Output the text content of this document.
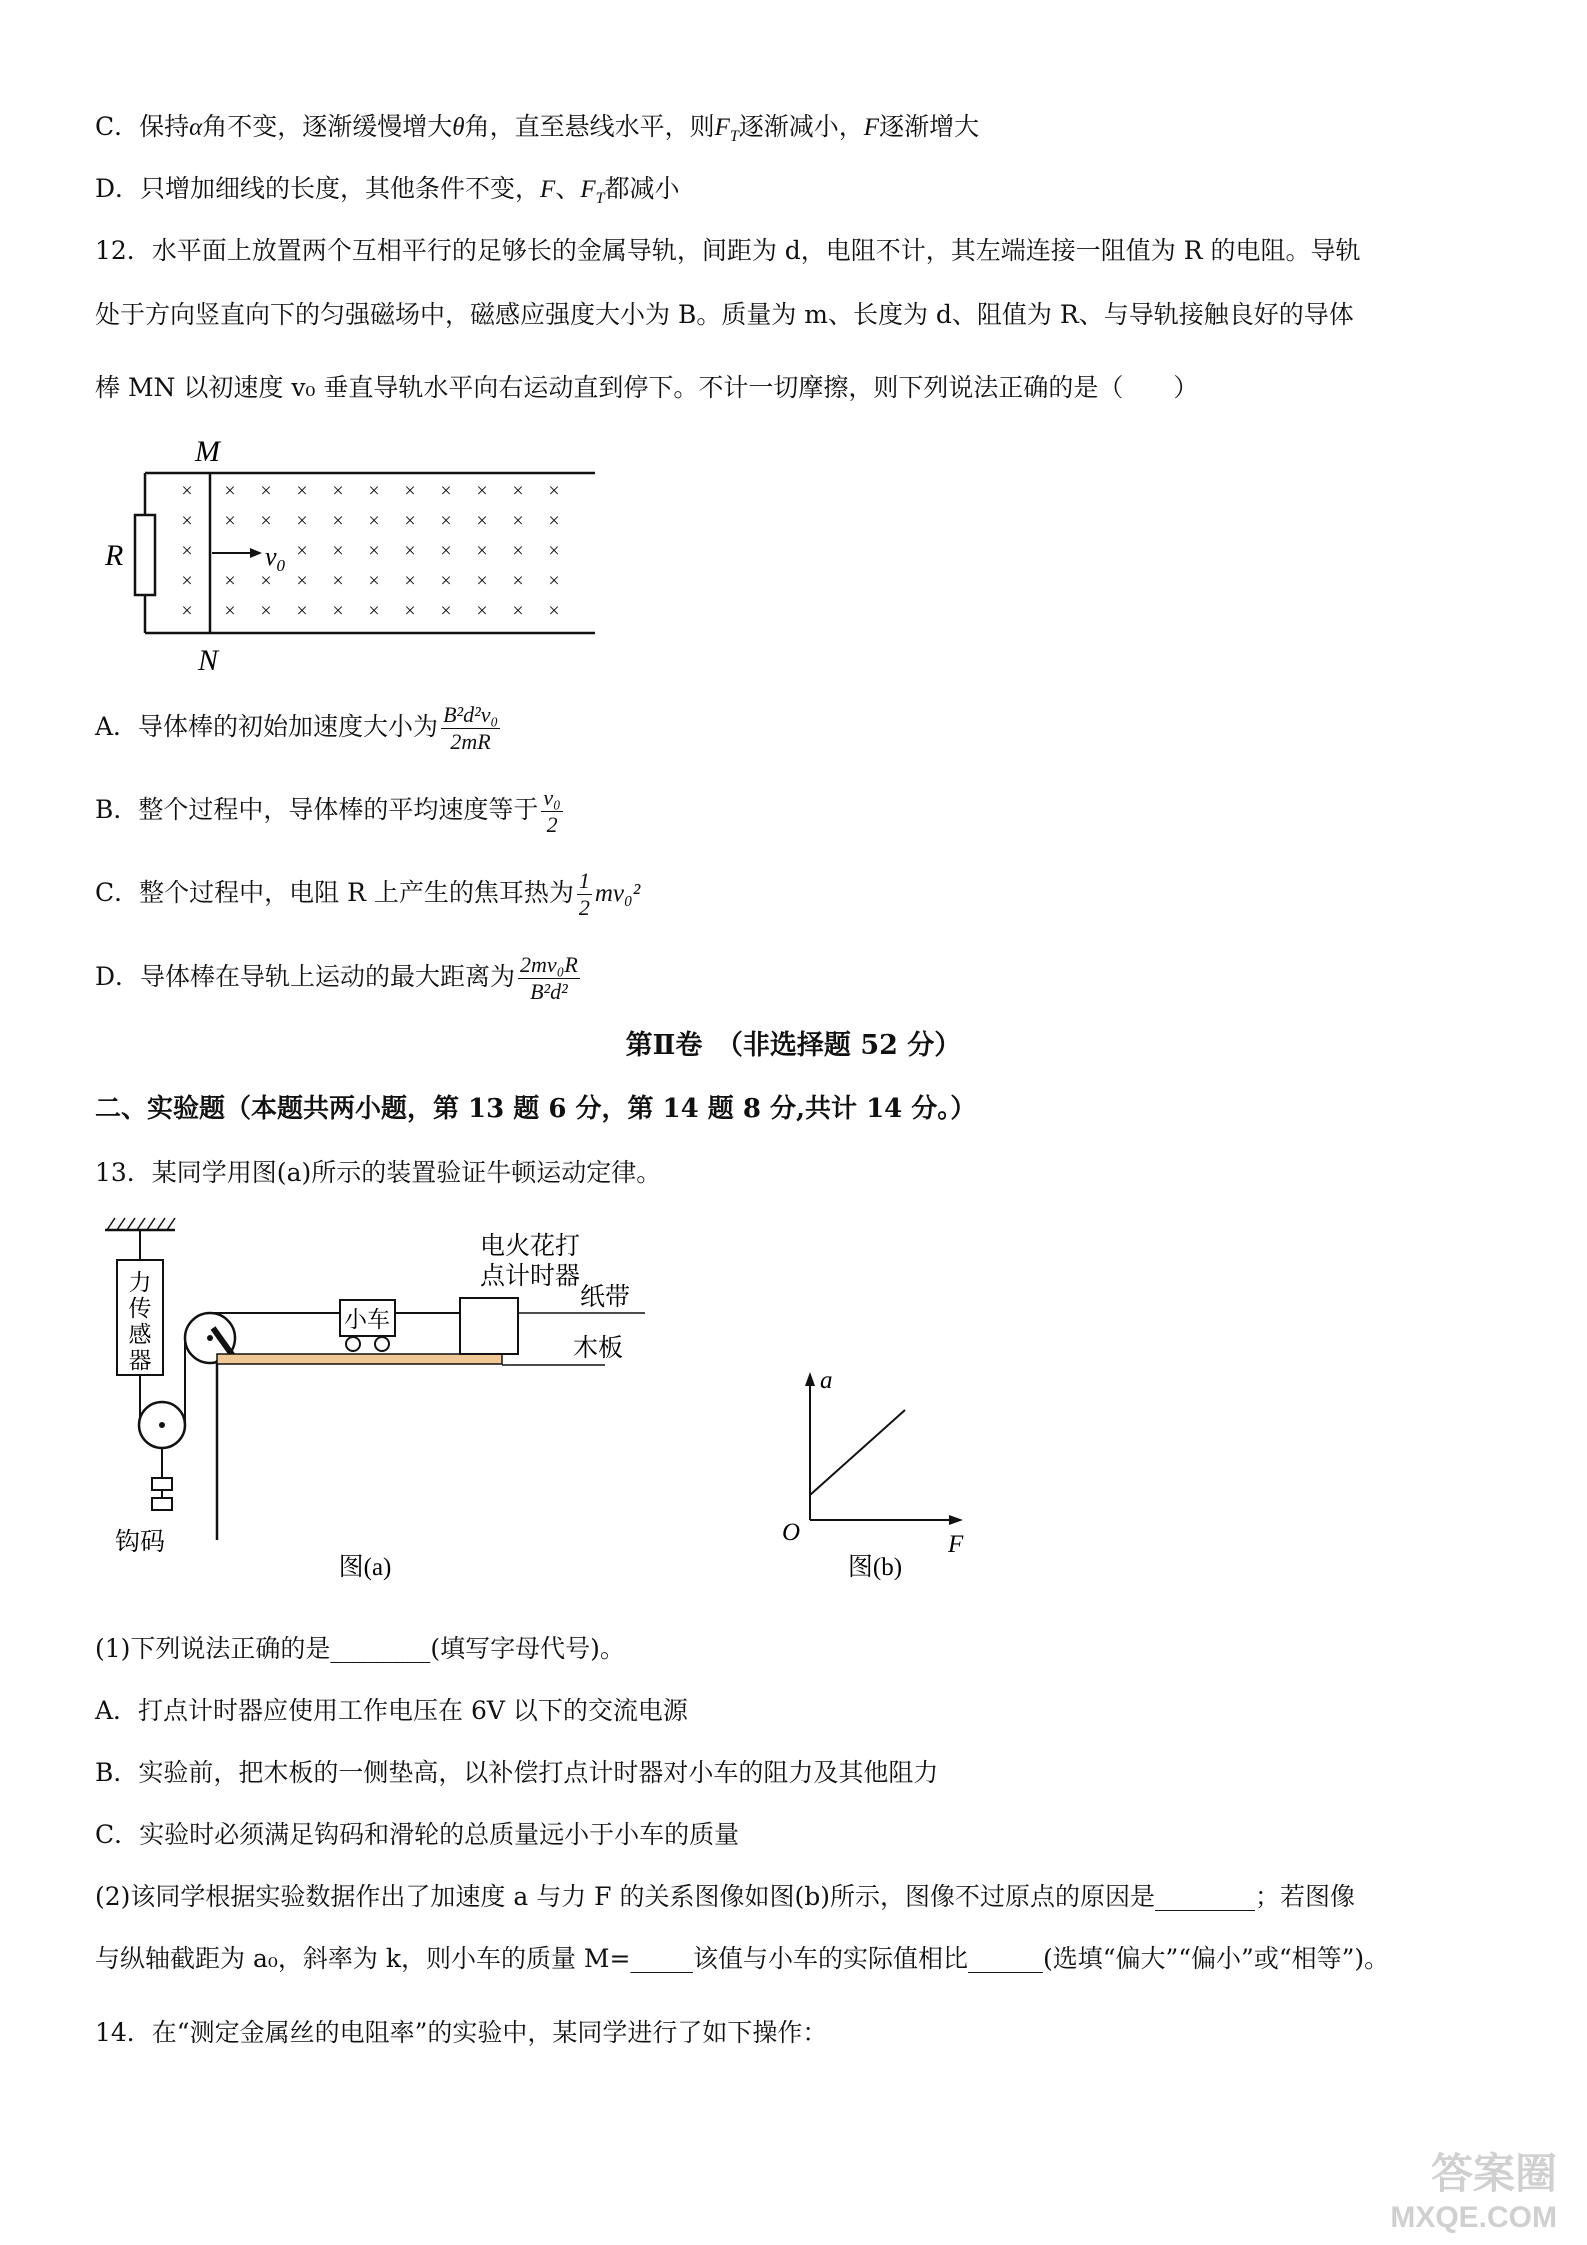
C．保持α角不变，逐渐缓慢增大θ角，直至悬线水平，则$F_T$逐渐减小，F逐渐增大
D．只增加细线的长度，其他条件不变，F、$F_T$都减小
12．水平面上放置两个互相平行的足够长的金属导轨，间距为 d，电阻不计，其左端连接一阻值为 R 的电阻。导轨
处于方向竖直向下的匀强磁场中，磁感应强度大小为 B。质量为 m、长度为 d、阻值为 R、与导轨接触良好的导体
棒 MN 以初速度 v₀ 垂直导轨水平向右运动直到停下。不计一切摩擦，则下列说法正确的是（　　）
M
R
× × × × × × × × × × ×
× × × × × × × × × × ×
×	× × × × × × × ×
× × × × × × × × × × ×
× × × × × × × × × × ×
$v_0$
N
A．导体棒的初始加速度大小为 $\frac{\text{B²d²v₀}}{2mR}$
B．整个过程中，导体棒的平均速度等于 $\frac{\text{v₀}}{2}$
C．整个过程中，电阻 R 上产生的焦耳热为 $\frac{1}{2} mv_0^2$
D．导体棒在导轨上运动的最大距离为 $\frac{\text{2mv₀R}}{\text{B²d²}}$
第Ⅱ卷　（非选择题 52 分）
二、实验题（本题共两小题，第 13 题 6 分，第 14 题 8 分,共计 14 分。）
13．某同学用图(a)所示的装置验证牛顿运动定律。
力
传
感
器
钩码
小车
电火花打
点计时器
纸带
木板
图(a)
a
F
O
图(b)
(1)下列说法正确的是________(填写字母代号)。
A．打点计时器应使用工作电压在 6V 以下的交流电源
B．实验前，把木板的一侧垫高，以补偿打点计时器对小车的阻力及其他阻力
C．实验时必须满足钩码和滑轮的总质量远小于小车的质量
(2)该同学根据实验数据作出了加速度 a 与力 F 的关系图像如图(b)所示，图像不过原点的原因是________；若图像
与纵轴截距为 a₀，斜率为 k，则小车的质量 M=_____该值与小车的实际值相比______(选填“偏大”“偏小”或“相等”)。
14．在“测定金属丝的电阻率”的实验中，某同学进行了如下操作：
答案圈
MXQE.COM
